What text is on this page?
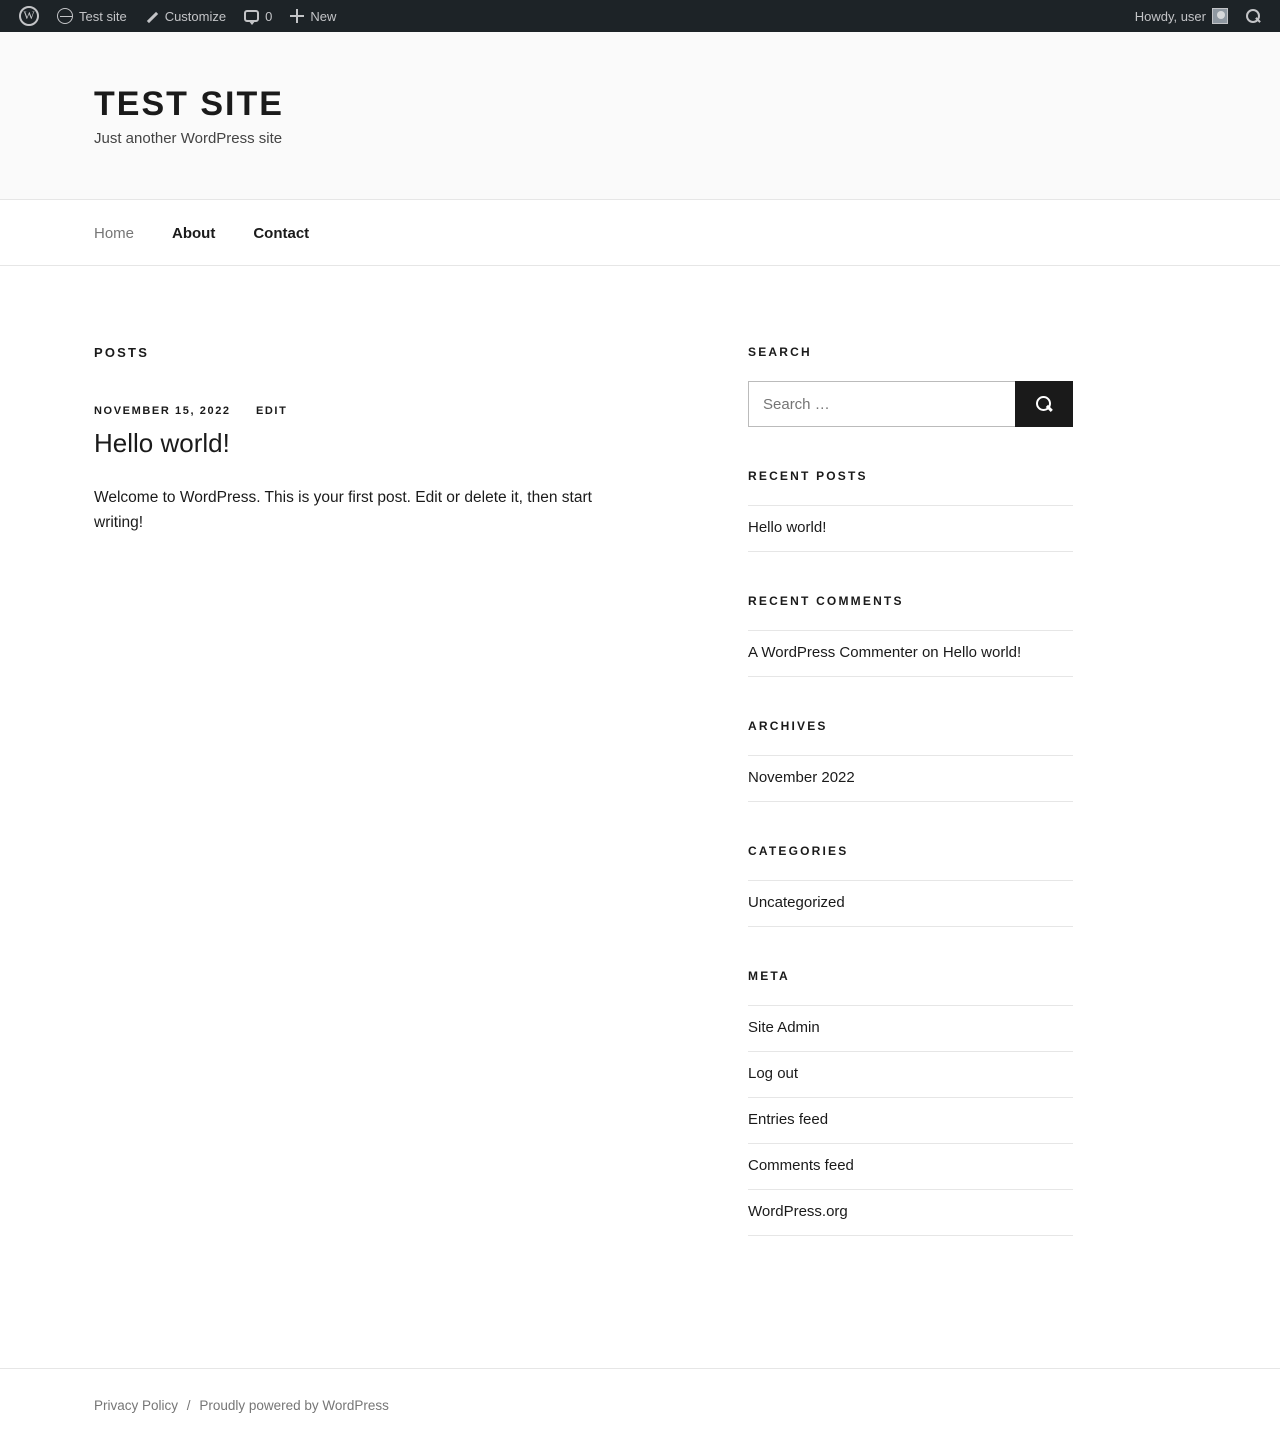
W
Test site	Customize	0	New	Howdy, user
TEST SITE

Just another WordPress site

Home	About	Contact
POSTS
NOVEMBER 15, 2022 EDIT
Hello world!

Welcome to WordPress. This is your first post. Edit or delete it, then start writing!

SEARCH
Search …
RECENT POSTS
Hello world!
RECENT COMMENTS
A WordPress Commenter on Hello world!
ARCHIVES
November 2022
CATEGORIES
Uncategorized
META
Site Admin
Log out
Entries feed
Comments feed
WordPress.org
Privacy Policy / Proudly powered by WordPress
